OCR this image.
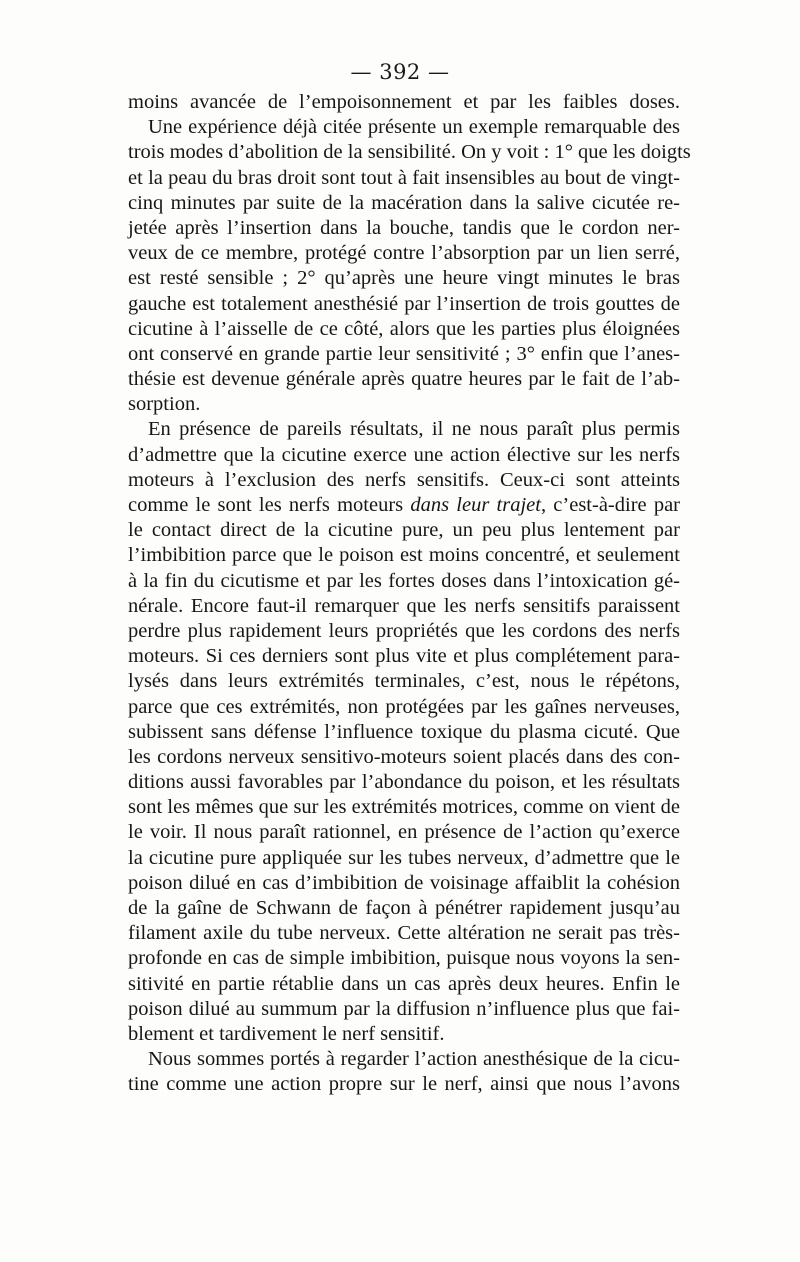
— 392 —
moins avancée de l’empoisonnement et par les faibles doses.
Une expérience déjà citée présente un exemple remarquable des
trois modes d’abolition de la sensibilité. On y voit : 1° que les doigts
et la peau du bras droit sont tout à fait insensibles au bout de vingt-
cinq minutes par suite de la macération dans la salive cicutée re-
jetée après l’insertion dans la bouche, tandis que le cordon ner-
veux de ce membre, protégé contre l’absorption par un lien serré,
est resté sensible ; 2° qu’après une heure vingt minutes le bras
gauche est totalement anesthésié par l’insertion de trois gouttes de
cicutine à l’aisselle de ce côté, alors que les parties plus éloignées
ont conservé en grande partie leur sensitivité ; 3° enfin que l’anes-
thésie est devenue générale après quatre heures par le fait de l’ab-
sorption.
En présence de pareils résultats, il ne nous paraît plus permis
d’admettre que la cicutine exerce une action élective sur les nerfs
moteurs à l’exclusion des nerfs sensitifs. Ceux-ci sont atteints
comme le sont les nerfs moteurs dans leur trajet, c’est-à-dire par
le contact direct de la cicutine pure, un peu plus lentement par
l’imbibition parce que le poison est moins concentré, et seulement
à la fin du cicutisme et par les fortes doses dans l’intoxication gé-
nérale. Encore faut-il remarquer que les nerfs sensitifs paraissent
perdre plus rapidement leurs propriétés que les cordons des nerfs
moteurs. Si ces derniers sont plus vite et plus complétement para-
lysés dans leurs extrémités terminales, c’est, nous le répétons,
parce que ces extrémités, non protégées par les gaînes nerveuses,
subissent sans défense l’influence toxique du plasma cicuté. Que
les cordons nerveux sensitivo-moteurs soient placés dans des con-
ditions aussi favorables par l’abondance du poison, et les résultats
sont les mêmes que sur les extrémités motrices, comme on vient de
le voir. Il nous paraît rationnel, en présence de l’action qu’exerce
la cicutine pure appliquée sur les tubes nerveux, d’admettre que le
poison dilué en cas d’imbibition de voisinage affaiblit la cohésion
de la gaîne de Schwann de façon à pénétrer rapidement jusqu’au
filament axile du tube nerveux. Cette altération ne serait pas très-
profonde en cas de simple imbibition, puisque nous voyons la sen-
sitivité en partie rétablie dans un cas après deux heures. Enfin le
poison dilué au summum par la diffusion n’influence plus que fai-
blement et tardivement le nerf sensitif.
Nous sommes portés à regarder l’action anesthésique de la cicu-
tine comme une action propre sur le nerf, ainsi que nous l’avons
